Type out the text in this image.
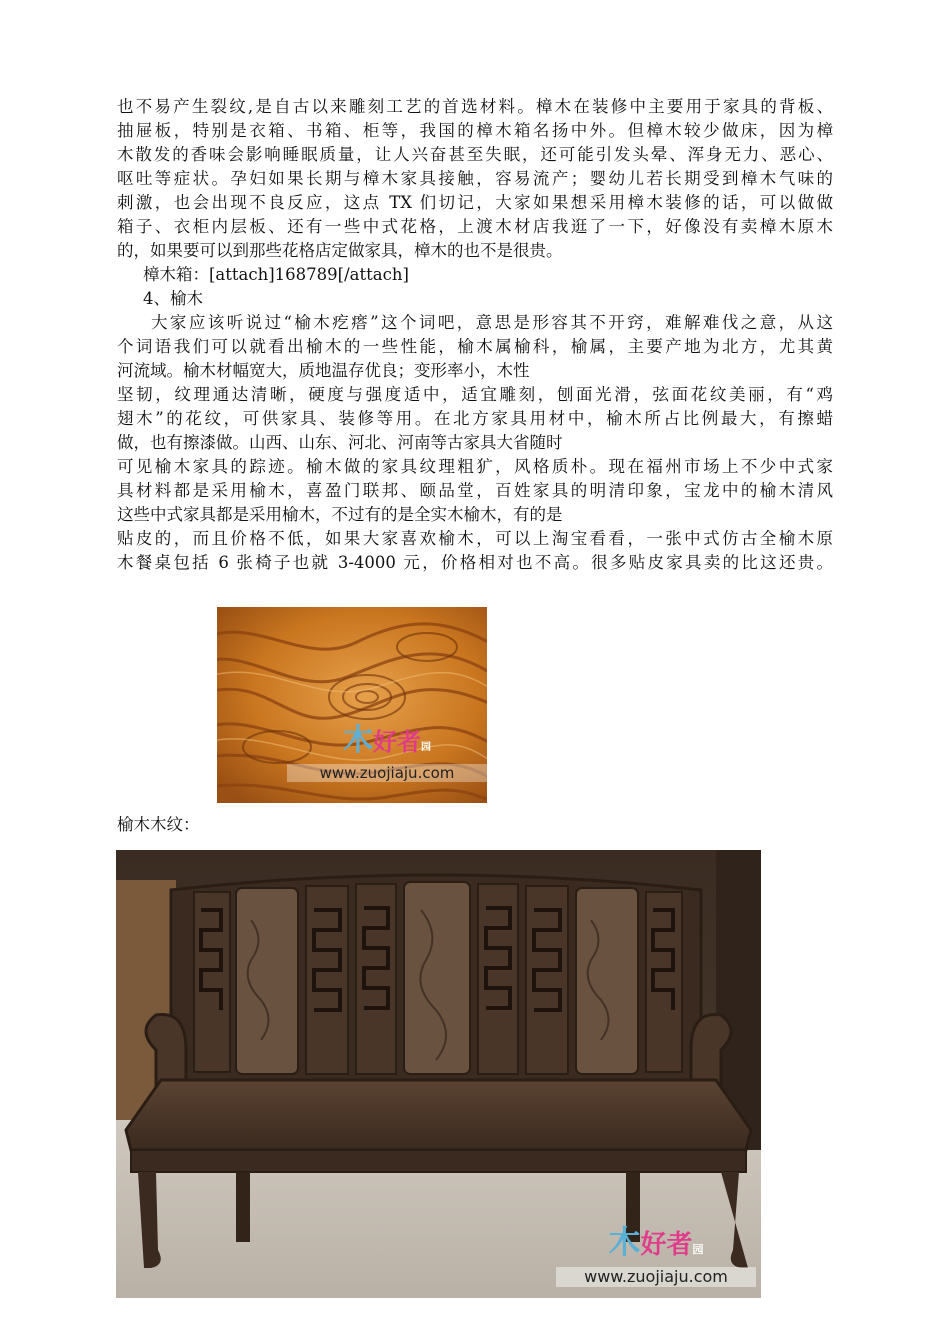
也不易产生裂纹,是自古以来雕刻工艺的首选材料。樟木在装修中主要用于家具的背板、
抽屉板，特别是衣箱、书箱、柜等，我国的樟木箱名扬中外。但樟木较少做床，因为樟
木散发的香味会影响睡眠质量，让人兴奋甚至失眠，还可能引发头晕、浑身无力、恶心、
呕吐等症状。孕妇如果长期与樟木家具接触，容易流产；婴幼儿若长期受到樟木气味的
刺激，也会出现不良反应，这点 TX 们切记，大家如果想采用樟木装修的话，可以做做
箱子、衣柜内层板、还有一些中式花格，上渡木材店我逛了一下，好像没有卖樟木原木
的，如果要可以到那些花格店定做家具，樟木的也不是很贵。
樟木箱：[attach]168789[/attach]
4、榆木
大家应该听说过“榆木疙瘩”这个词吧，意思是形容其不开窍，难解难伐之意，从这
个词语我们可以就看出榆木的一些性能，榆木属榆科，榆属，主要产地为北方，尤其黄
河流域。榆木材幅宽大，质地温存优良；变形率小，木性
坚韧，纹理通达清晰，硬度与强度适中，适宜雕刻，刨面光滑，弦面花纹美丽，有“鸡
翅木”的花纹，可供家具、装修等用。在北方家具用材中，榆木所占比例最大，有擦蜡
做，也有擦漆做。山西、山东、河北、河南等古家具大省随时
可见榆木家具的踪迹。榆木做的家具纹理粗犷，风格质朴。现在福州市场上不少中式家
具材料都是采用榆木，喜盈门联邦、颐品堂，百姓家具的明清印象，宝龙中的榆木清风
这些中式家具都是采用榆木，不过有的是全实木榆木，有的是
贴皮的，而且价格不低，如果大家喜欢榆木，可以上淘宝看看，一张中式仿古全榆木原
木餐桌包括 6 张椅子也就 3-4000 元，价格相对也不高。很多贴皮家具卖的比这还贵。
木好者园
www.zuojiaju.com
榆木木纹：
木好者园
www.zuojiaju.com
